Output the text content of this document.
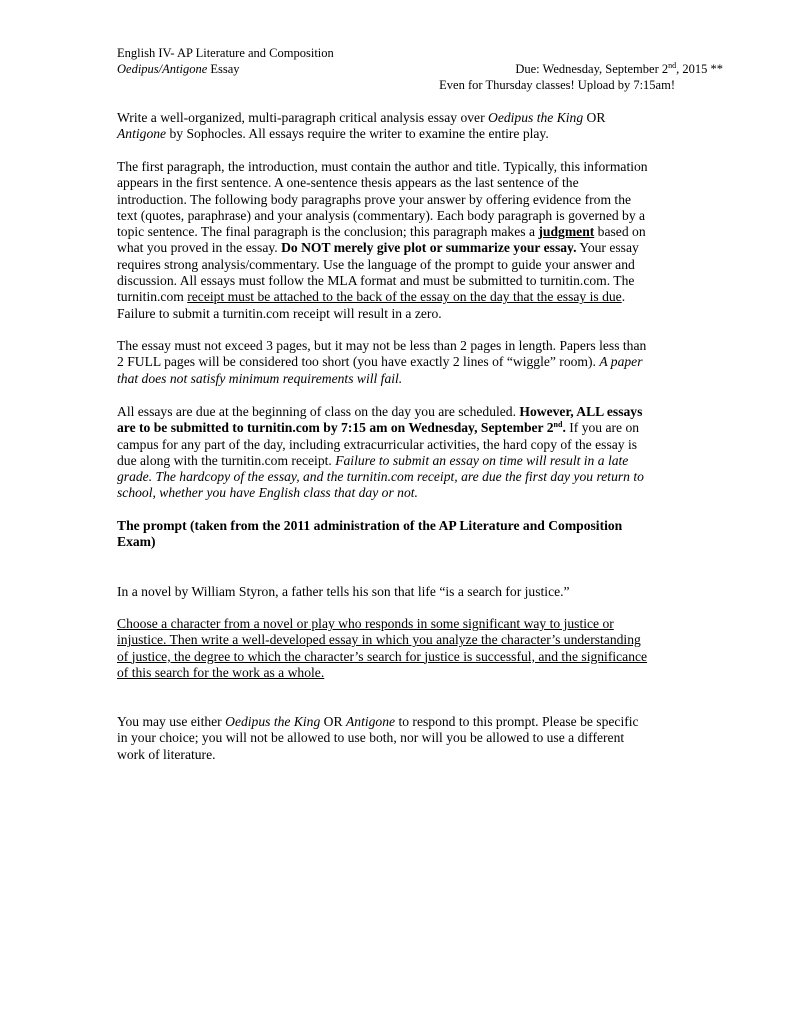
English IV- AP Literature and Composition
Oedipus/Antigone Essay	Due: Wednesday, September 2nd, 2015 **
Even for Thursday classes! Upload by 7:15am!

Write a well-organized, multi-paragraph critical analysis essay over Oedipus the King OR

Antigone by Sophocles. All essays require the writer to examine the entire play.

The first paragraph, the introduction, must contain the author and title. Typically, this information

appears in the first sentence. A one-sentence thesis appears as the last sentence of the

introduction. The following body paragraphs prove your answer by offering evidence from the

text (quotes, paraphrase) and your analysis (commentary). Each body paragraph is governed by a

topic sentence. The final paragraph is the conclusion; this paragraph makes a judgment based on

what you proved in the essay. Do NOT merely give plot or summarize your essay. Your essay

requires strong analysis/commentary. Use the language of the prompt to guide your answer and

discussion. All essays must follow the MLA format and must be submitted to turnitin.com. The

turnitin.com receipt must be attached to the back of the essay on the day that the essay is due.

Failure to submit a turnitin.com receipt will result in a zero.

The essay must not exceed 3 pages, but it may not be less than 2 pages in length. Papers less than

2 FULL pages will be considered too short (you have exactly 2 lines of “wiggle” room). A paper

that does not satisfy minimum requirements will fail.

All essays are due at the beginning of class on the day you are scheduled. However, ALL essays

are to be submitted to turnitin.com by 7:15 am on Wednesday, September 2nd. If you are on

campus for any part of the day, including extracurricular activities, the hard copy of the essay is

due along with the turnitin.com receipt. Failure to submit an essay on time will result in a late

grade. The hardcopy of the essay, and the turnitin.com receipt, are due the first day you return to

school, whether you have English class that day or not.

The prompt (taken from the 2011 administration of the AP Literature and Composition

Exam)

In a novel by William Styron, a father tells his son that life “is a search for justice.”

Choose a character from a novel or play who responds in some significant way to justice or

injustice. Then write a well-developed essay in which you analyze the character’s understanding

of justice, the degree to which the character’s search for justice is successful, and the significance

of this search for the work as a whole.

You may use either Oedipus the King OR Antigone to respond to this prompt. Please be specific

in your choice; you will not be allowed to use both, nor will you be allowed to use a different

work of literature.
